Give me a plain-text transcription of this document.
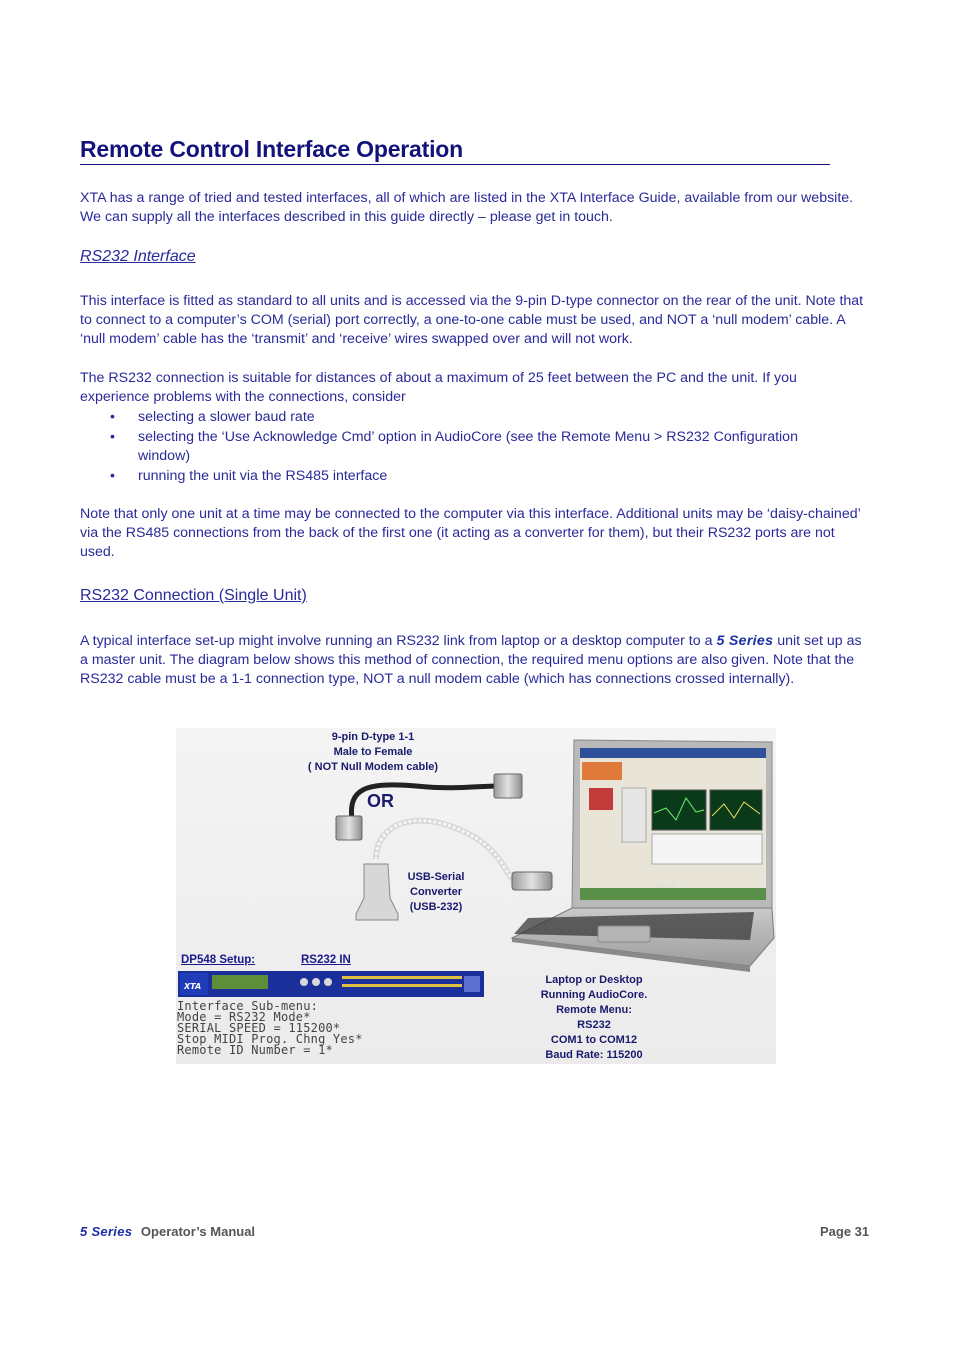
Remote Control Interface Operation
XTA has a range of tried and tested interfaces, all of which are listed in the XTA Interface Guide, available from our website. We can supply all the interfaces described in this guide directly – please get in touch.
RS232 Interface
This interface is fitted as standard to all units and is accessed via the 9-pin D-type connector on the rear of the unit. Note that to connect to a computer’s COM (serial) port correctly, a one-to-one cable must be used, and NOT a ‘null modem’ cable. A ‘null modem’ cable has the ‘transmit’ and ‘receive’ wires swapped over and will not work.
The RS232 connection is suitable for distances of about a maximum of 25 feet between the PC and the unit. If you experience problems with the connections, consider
• selecting a slower baud rate
• selecting the ‘Use Acknowledge Cmd’ option in AudioCore (see the Remote Menu > RS232 Configuration window)
• running the unit via the RS485 interface
Note that only one unit at a time may be connected to the computer via this interface. Additional units may be ‘daisy-chained’ via the RS485 connections from the back of the first one (it acting as a converter for them), but their RS232 ports are not used.
RS232 Connection (Single Unit)
A typical interface set-up might involve running an RS232 link from laptop or a desktop computer to a 5 Series unit set up as a master unit. The diagram below shows this method of connection, the required menu options are also given. Note that the RS232 cable must be a 1-1 connection type, NOT a null modem cable (which has connections crossed internally).
DELL
XTA
9-pin D-type 1-1
Male to Female
( NOT Null Modem cable)
OR
USB-Serial
Converter
(USB-232)
DP548 Setup:	RS232 IN
Interface Sub-menu:
Mode = RS232 Mode*
SERIAL SPEED = 115200*
Stop MIDI Prog. Chng Yes*
Remote ID Number = 1*
Laptop or Desktop
Running AudioCore.
Remote Menu:
RS232
COM1 to COM12
Baud Rate: 115200
5 Series Operator’s Manual	Page 31
